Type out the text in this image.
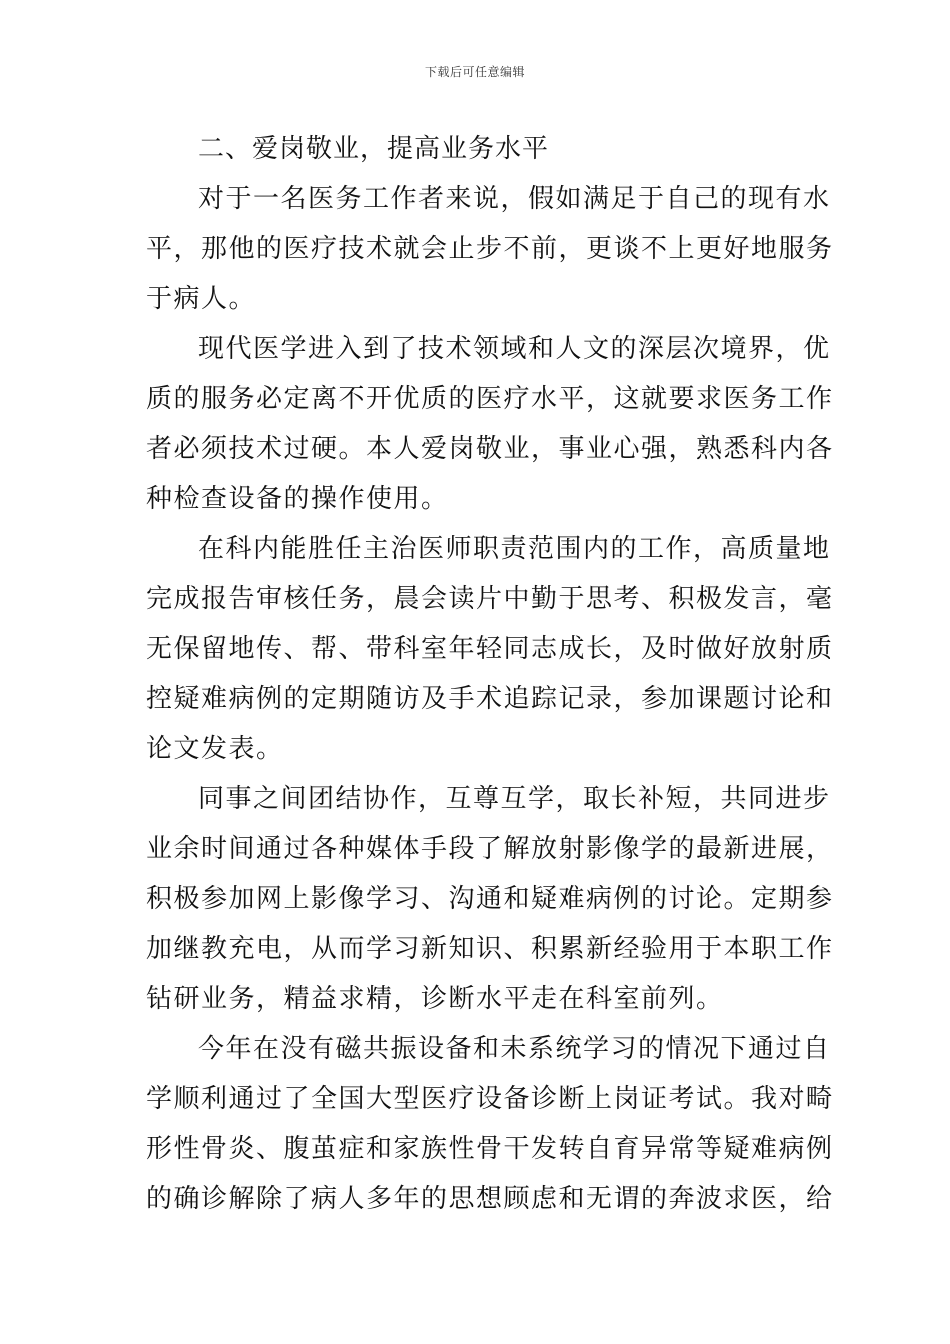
下载后可任意编辑

二、爱岗敬业，提高业务水平

对于一名医务工作者来说，假如满足于自己的现有水
平，那他的医疗技术就会止步不前，更谈不上更好地服务
于病人。

现代医学进入到了技术领域和人文的深层次境界，优
质的服务必定离不开优质的医疗水平，这就要求医务工作
者必须技术过硬。本人爱岗敬业，事业心强，熟悉科内各
种检查设备的操作使用。

在科内能胜任主治医师职责范围内的工作，高质量地
完成报告审核任务，晨会读片中勤于思考、积极发言，毫
无保留地传、帮、带科室年轻同志成长，及时做好放射质
控疑难病例的定期随访及手术追踪记录，参加课题讨论和
论文发表。

同事之间团结协作，互尊互学，取长补短，共同进步
业余时间通过各种媒体手段了解放射影像学的最新进展，
积极参加网上影像学习、沟通和疑难病例的讨论。定期参
加继教充电，从而学习新知识、积累新经验用于本职工作
钻研业务，精益求精，诊断水平走在科室前列。

今年在没有磁共振设备和未系统学习的情况下通过自
学顺利通过了全国大型医疗设备诊断上岗证考试。我对畸
形性骨炎、腹茧症和家族性骨干发转自育异常等疑难病例
的确诊解除了病人多年的思想顾虑和无谓的奔波求医，给
